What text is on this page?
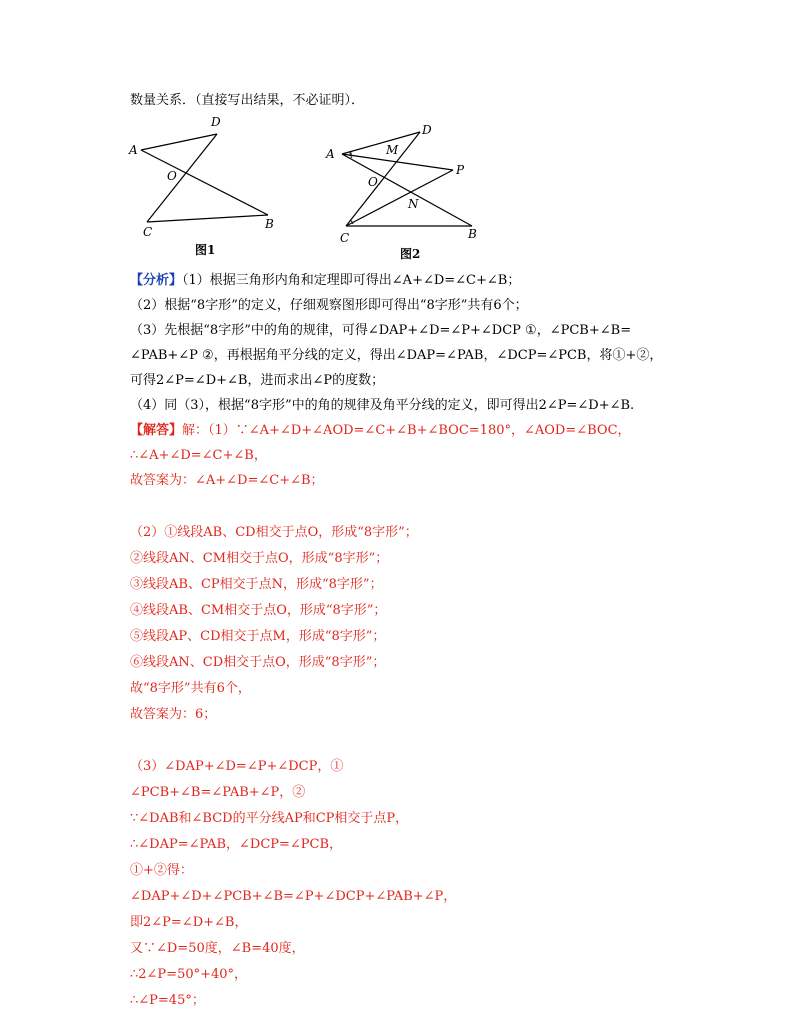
数量关系．（直接写出结果，不必证明）．
A
D
O
C
B
图1
A 1
D
M
O
P
N
C	B
图2
【分析】（1）根据三角形内角和定理即可得出∠A+∠D=∠C+∠B；
（2）根据“8字形”的定义，仔细观察图形即可得出“8字形”共有6个；
（3）先根据“8字形”中的角的规律，可得∠DAP+∠D=∠P+∠DCP ①，∠PCB+∠B=
∠PAB+∠P ②，再根据角平分线的定义，得出∠DAP=∠PAB，∠DCP=∠PCB，将①+②，
可得2∠P=∠D+∠B，进而求出∠P的度数；
（4）同（3），根据“8字形”中的角的规律及角平分线的定义，即可得出2∠P=∠D+∠B.
【解答】解：（1）∵∠A+∠D+∠AOD=∠C+∠B+∠BOC=180°，∠AOD=∠BOC，
∴∠A+∠D=∠C+∠B，
故答案为：∠A+∠D=∠C+∠B；
（2）①线段AB、CD相交于点O，形成“8字形”；
②线段AN、CM相交于点O，形成“8字形”；
③线段AB、CP相交于点N，形成“8字形”；
④线段AB、CM相交于点O，形成“8字形”；
⑤线段AP、CD相交于点M，形成“8字形”；
⑥线段AN、CD相交于点O，形成“8字形”；
故“8字形”共有6个，
故答案为：6；
（3）∠DAP+∠D=∠P+∠DCP，①
∠PCB+∠B=∠PAB+∠P，②
∵∠DAB和∠BCD的平分线AP和CP相交于点P，
∴∠DAP=∠PAB，∠DCP=∠PCB，
①+②得：
∠DAP+∠D+∠PCB+∠B=∠P+∠DCP+∠PAB+∠P，
即2∠P=∠D+∠B，
又∵∠D=50度，∠B=40度，
∴2∠P=50°+40°，
∴∠P=45°；
